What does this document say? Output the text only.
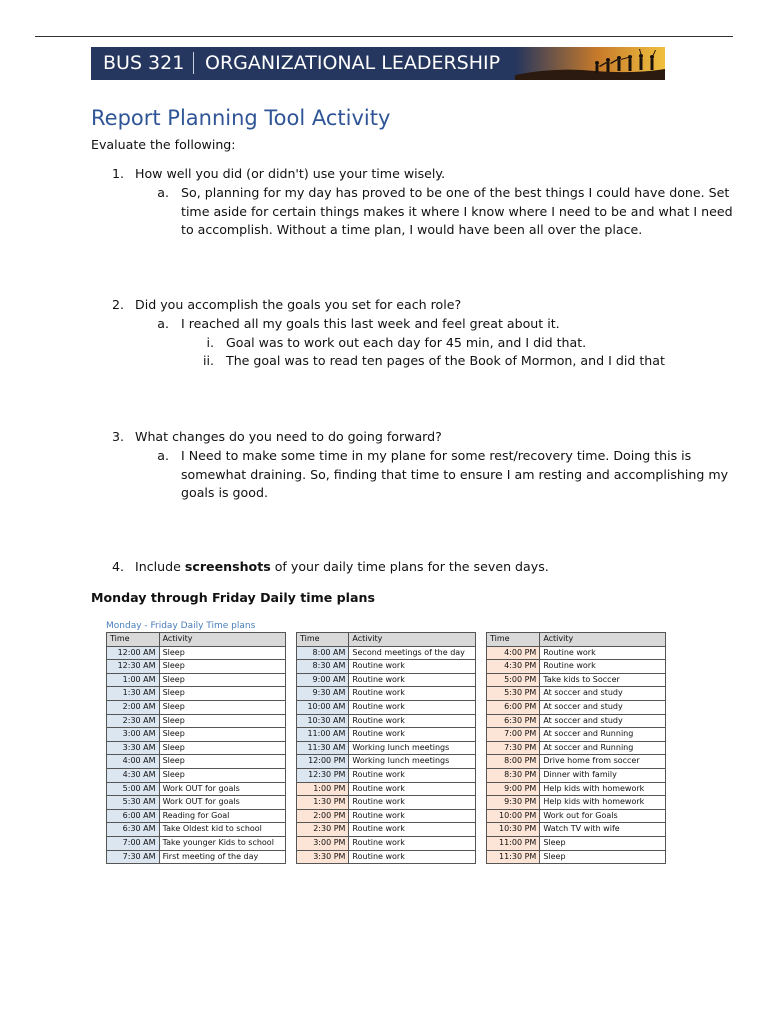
BUS 321 ORGANIZATIONAL LEADERSHIP
Report Planning Tool Activity
Evaluate the following:
1. How well you did (or didn't) use your time wisely.
a. So, planning for my day has proved to be one of the best things I could have done. Set
time aside for certain things makes it where I know where I need to be and what I need
to accomplish. Without a time plan, I would have been all over the place.
2. Did you accomplish the goals you set for each role?
a. I reached all my goals this last week and feel great about it.
i. Goal was to work out each day for 45 min, and I did that.
ii. The goal was to read ten pages of the Book of Mormon, and I did that
3. What changes do you need to do going forward?
a. I Need to make some time in my plane for some rest/recovery time. Doing this is
somewhat draining. So, finding that time to ensure I am resting and accomplishing my
goals is good.
4. Include screenshots of your daily time plans for the seven days.
Monday through Friday Daily time plans
Monday - Friday Daily Time plans
Time	Activity
12:00 AM	Sleep
12:30 AM	Sleep
1:00 AM	Sleep
1:30 AM	Sleep
2:00 AM	Sleep
2:30 AM	Sleep
3:00 AM	Sleep
3:30 AM	Sleep
4:00 AM	Sleep
4:30 AM	Sleep
5:00 AM	Work OUT for goals
5:30 AM	Work OUT for goals
6:00 AM	Reading for Goal
6:30 AM	Take Oldest kid to school
7:00 AM	Take younger Kids to school
7:30 AM	First meeting of the day
Time	Activity
8:00 AM	Second meetings of the day
8:30 AM	Routine work
9:00 AM	Routine work
9:30 AM	Routine work
10:00 AM	Routine work
10:30 AM	Routine work
11:00 AM	Routine work
11:30 AM	Working lunch meetings
12:00 PM	Working lunch meetings
12:30 PM	Routine work
1:00 PM	Routine work
1:30 PM	Routine work
2:00 PM	Routine work
2:30 PM	Routine work
3:00 PM	Routine work
3:30 PM	Routine work
Time	Activity
4:00 PM	Routine work
4:30 PM	Routine work
5:00 PM	Take kids to Soccer
5:30 PM	At soccer and study
6:00 PM	At soccer and study
6:30 PM	At soccer and study
7:00 PM	At soccer and Running
7:30 PM	At soccer and Running
8:00 PM	Drive home from soccer
8:30 PM	Dinner with family
9:00 PM	Help kids with homework
9:30 PM	Help kids with homework
10:00 PM	Work out for Goals
10:30 PM	Watch TV with wife
11:00 PM	Sleep
11:30 PM	Sleep
